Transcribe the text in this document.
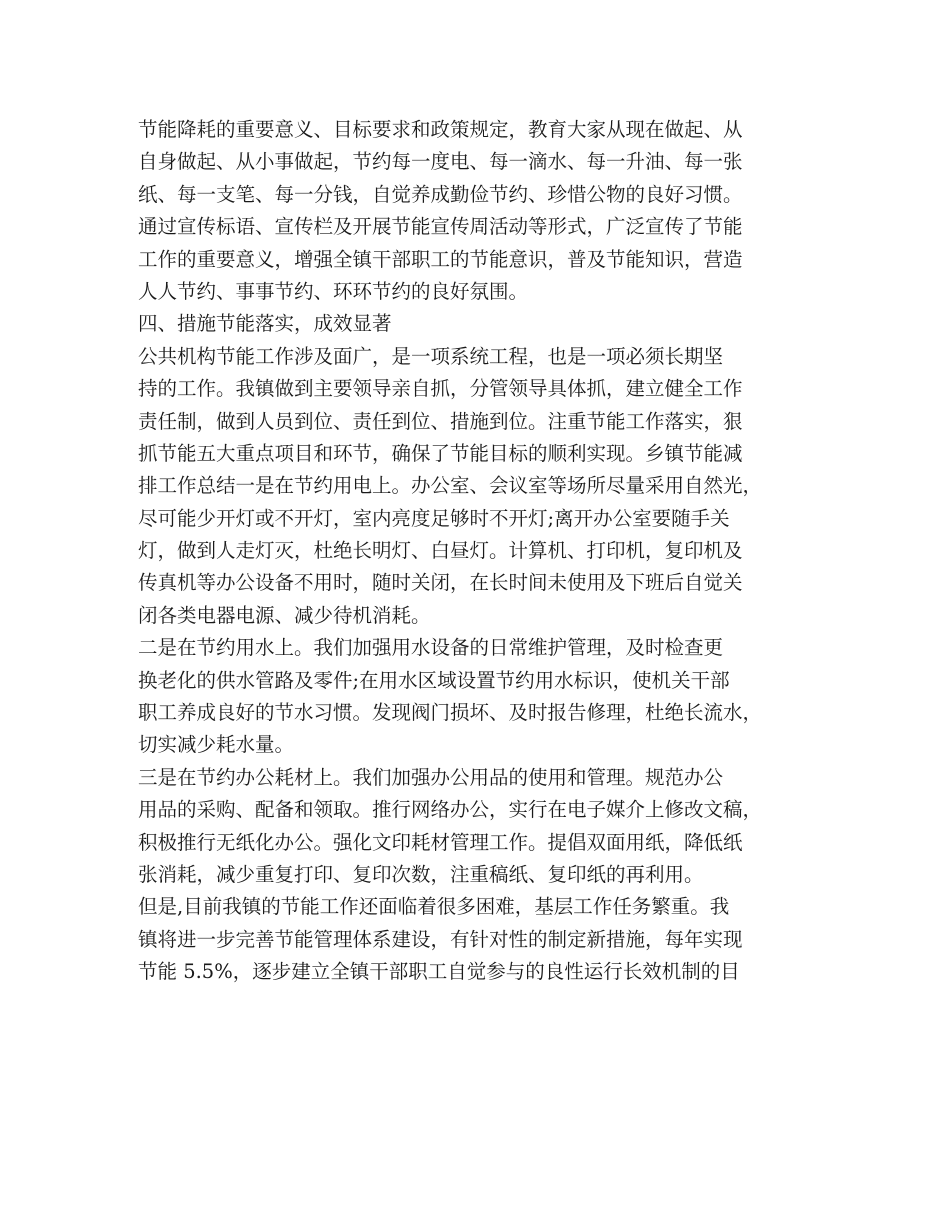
节能降耗的重要意义、目标要求和政策规定，教育大家从现在做起、从
自身做起、从小事做起，节约每一度电、每一滴水、每一升油、每一张
纸、每一支笔、每一分钱，自觉养成勤俭节约、珍惜公物的良好习惯。
通过宣传标语、宣传栏及开展节能宣传周活动等形式，广泛宣传了节能
工作的重要意义，增强全镇干部职工的节能意识，普及节能知识，营造
人人节约、事事节约、环环节约的良好氛围。
四、措施节能落实，成效显著
公共机构节能工作涉及面广，是一项系统工程，也是一项必须长期坚
持的工作。我镇做到主要领导亲自抓，分管领导具体抓，建立健全工作
责任制，做到人员到位、责任到位、措施到位。注重节能工作落实，狠
抓节能五大重点项目和环节，确保了节能目标的顺利实现。乡镇节能减
排工作总结一是在节约用电上。办公室、会议室等场所尽量采用自然光，
尽可能少开灯或不开灯，室内亮度足够时不开灯;离开办公室要随手关
灯，做到人走灯灭，杜绝长明灯、白昼灯。计算机、打印机，复印机及
传真机等办公设备不用时，随时关闭，在长时间未使用及下班后自觉关
闭各类电器电源、减少待机消耗。
二是在节约用水上。我们加强用水设备的日常维护管理，及时检查更
换老化的供水管路及零件;在用水区域设置节约用水标识，使机关干部
职工养成良好的节水习惯。发现阀门损坏、及时报告修理，杜绝长流水，
切实减少耗水量。
三是在节约办公耗材上。我们加强办公用品的使用和管理。规范办公
用品的采购、配备和领取。推行网络办公，实行在电子媒介上修改文稿，
积极推行无纸化办公。强化文印耗材管理工作。提倡双面用纸，降低纸
张消耗，减少重复打印、复印次数，注重稿纸、复印纸的再利用。
但是,目前我镇的节能工作还面临着很多困难，基层工作任务繁重。我
镇将进一步完善节能管理体系建设，有针对性的制定新措施，每年实现
节能 5.5%，逐步建立全镇干部职工自觉参与的良性运行长效机制的目
